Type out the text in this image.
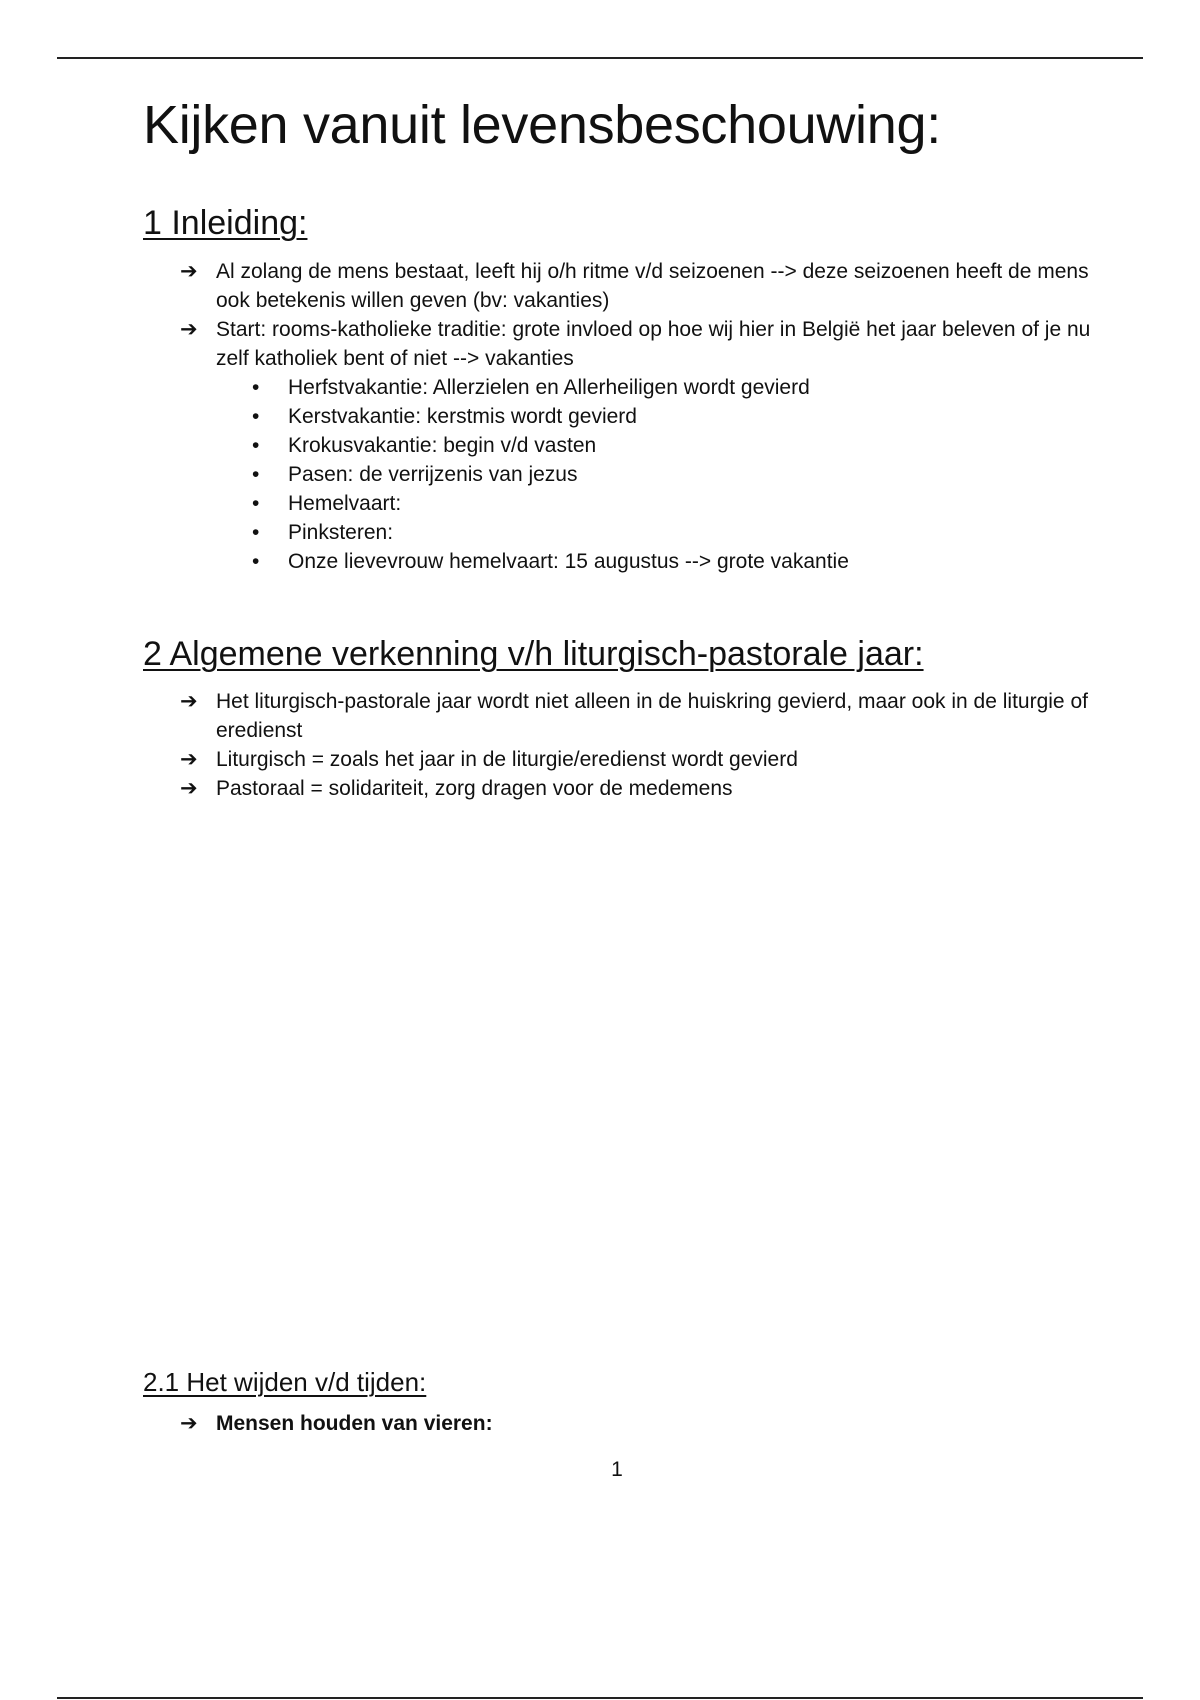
Kijken vanuit levensbeschouwing:
1 Inleiding:
➔ Al zolang de mens bestaat, leeft hij o/h ritme v/d seizoenen --> deze seizoenen heeft de mens ook betekenis willen geven (bv: vakanties)
➔ Start: rooms-katholieke traditie: grote invloed op hoe wij hier in België het jaar beleven of je nu zelf katholiek bent of niet --> vakanties
• Herfstvakantie: Allerzielen en Allerheiligen wordt gevierd
• Kerstvakantie: kerstmis wordt gevierd
• Krokusvakantie: begin v/d vasten
• Pasen: de verrijzenis van jezus
• Hemelvaart:
• Pinksteren:
• Onze lievevrouw hemelvaart: 15 augustus --> grote vakantie
2 Algemene verkenning v/h liturgisch-pastorale jaar:
➔ Het liturgisch-pastorale jaar wordt niet alleen in de huiskring gevierd, maar ook in de liturgie of eredienst
➔ Liturgisch = zoals het jaar in de liturgie/eredienst wordt gevierd
➔ Pastoraal = solidariteit, zorg dragen voor de medemens
2.1 Het wijden v/d tijden:
➔ Mensen houden van vieren:
1
